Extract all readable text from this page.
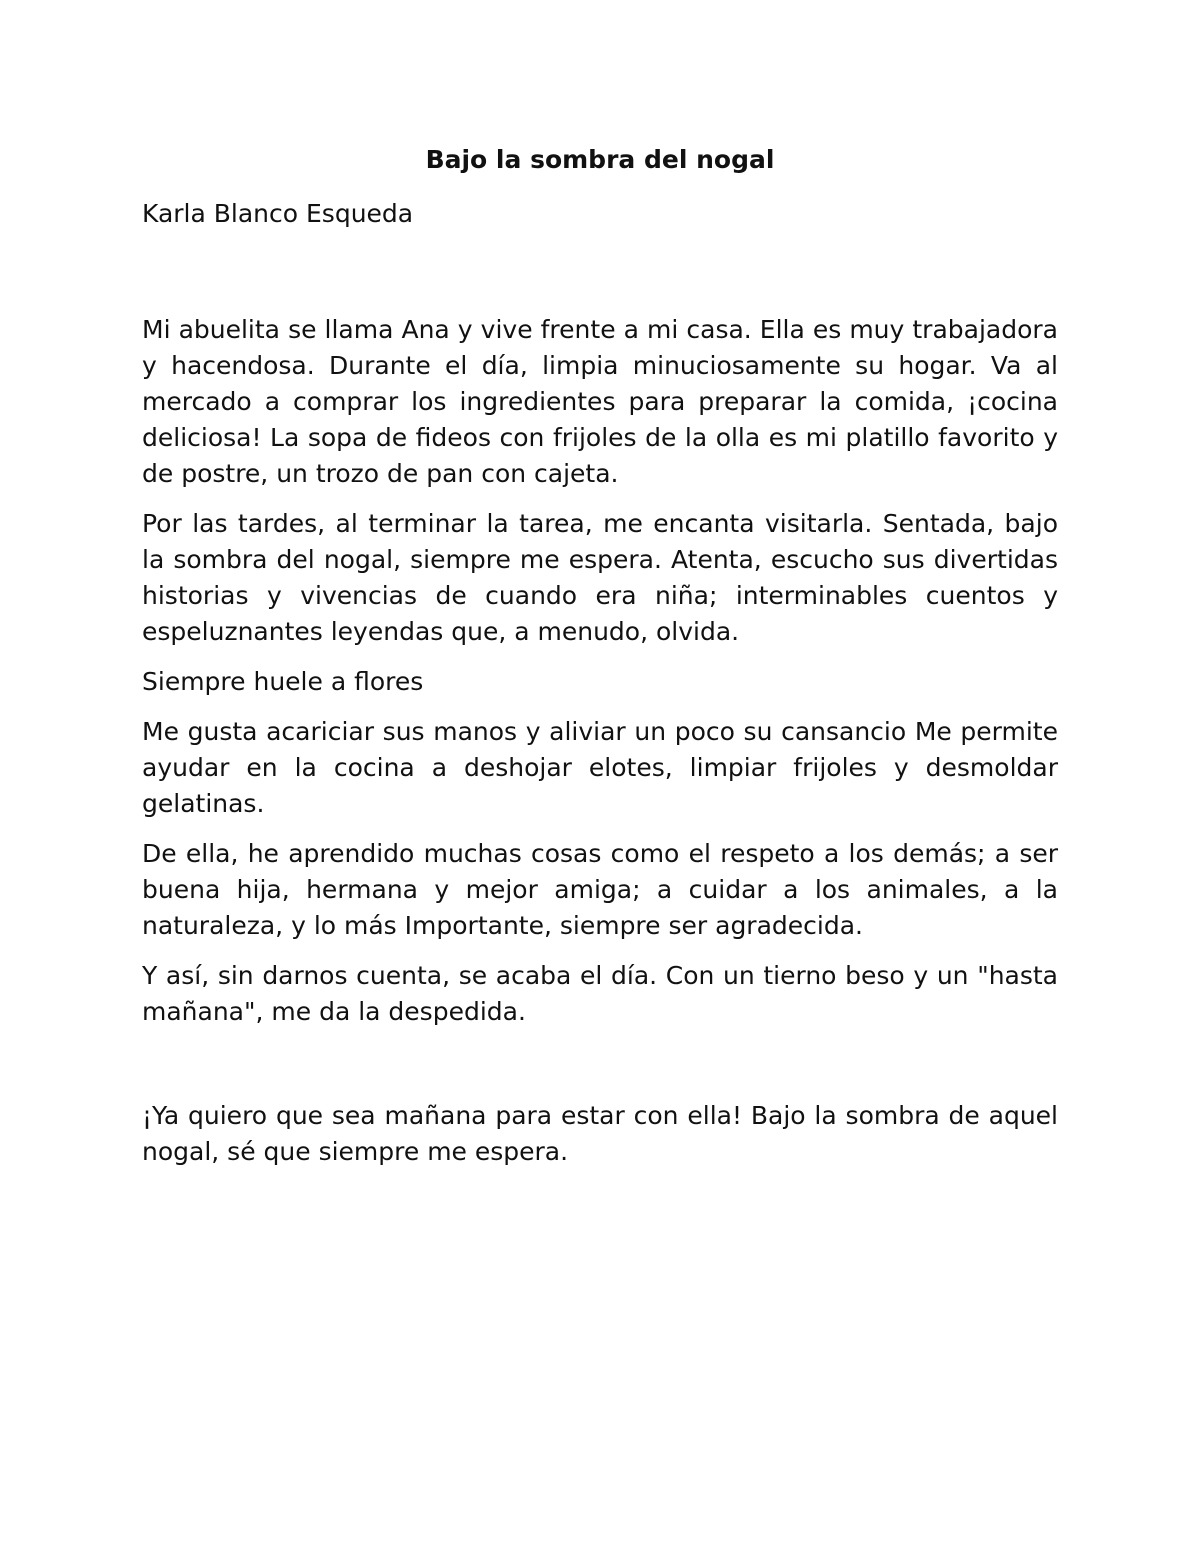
Bajo la sombra del nogal
Karla Blanco Esqueda

Mi abuelita se llama Ana y vive frente a mi casa. Ella es muy trabajadora y hacendosa. Durante el día, limpia minuciosamente su hogar. Va al mercado a comprar los ingredientes para preparar la comida, ¡cocina deliciosa! La sopa de fideos con frijoles de la olla es mi platillo favorito y de postre, un trozo de pan con cajeta.

Por las tardes, al terminar la tarea, me encanta visitarla. Sentada, bajo la sombra del nogal, siempre me espera. Atenta, escucho sus divertidas historias y vivencias de cuando era niña; interminables cuentos y espeluznantes leyendas que, a menudo, olvida.

Siempre huele a flores

Me gusta acariciar sus manos y aliviar un poco su cansancio Me permite ayudar en la cocina a deshojar elotes, limpiar frijoles y desmoldar gelatinas.

De ella, he aprendido muchas cosas como el respeto a los demás; a ser buena hija, hermana y mejor amiga; a cuidar a los animales, a la naturaleza, y lo más Importante, siempre ser agradecida.

Y así, sin darnos cuenta, se acaba el día. Con un tierno beso y un "hasta mañana", me da la despedida.

¡Ya quiero que sea mañana para estar con ella! Bajo la sombra de aquel nogal, sé que siempre me espera.
